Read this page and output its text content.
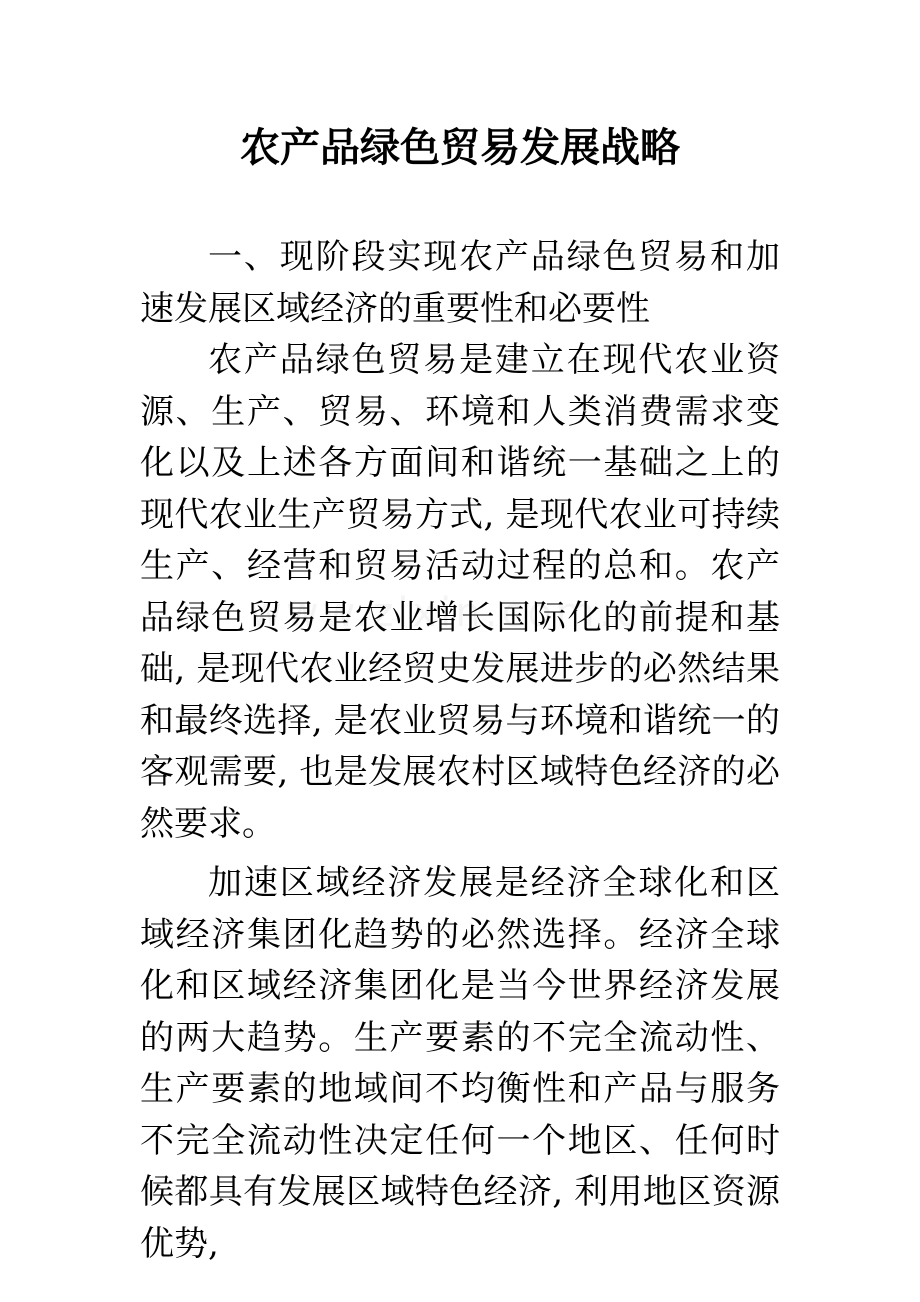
农产品绿色贸易发展战略

一、现阶段实现农产品绿色贸易和加速发展区域经济的重要性和必要性

农产品绿色贸易是建立在现代农业资源、生产、贸易、环境和人类消费需求变化以及上述各方面间和谐统一基础之上的现代农业生产贸易方式, 是现代农业可持续生产、经营和贸易活动过程的总和。农产品绿色贸易是农业增长国际化的前提和基础, 是现代农业经贸史发展进步的必然结果和最终选择, 是农业贸易与环境和谐统一的客观需要, 也是发展农村区域特色经济的必然要求。

加速区域经济发展是经济全球化和区域经济集团化趋势的必然选择。经济全球化和区域经济集团化是当今世界经济发展的两大趋势。生产要素的不完全流动性、生产要素的地域间不均衡性和产品与服务不完全流动性决定任何一个地区、任何时候都具有发展区域特色经济, 利用地区资源优势,
